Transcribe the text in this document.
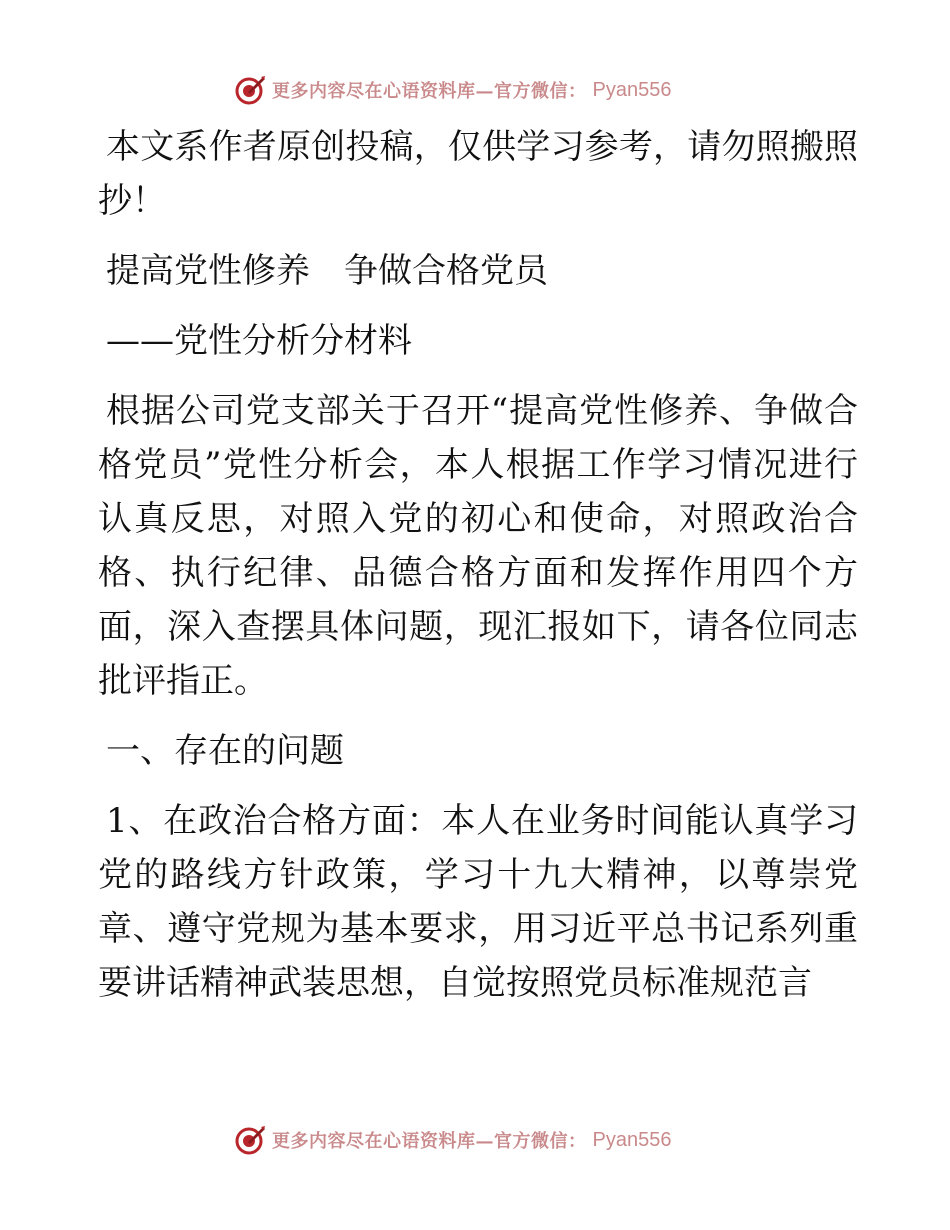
更多内容尽在心语资料库—官方微信： Pyan556

本文系作者原创投稿，仅供学习参考，请勿照搬照抄！

提高党性修养　争做合格党员

——党性分析分材料

根据公司党支部关于召开“提高党性修养、争做合格党员”党性分析会，本人根据工作学习情况进行认真反思，对照入党的初心和使命，对照政治合格、执行纪律、品德合格方面和发挥作用四个方面，深入查摆具体问题，现汇报如下，请各位同志批评指正。

一、存在的问题

1、在政治合格方面：本人在业务时间能认真学习党的路线方针政策，学习十九大精神，以尊崇党章、遵守党规为基本要求，用习近平总书记系列重要讲话精神武装思想，自觉按照党员标准规范言

更多内容尽在心语资料库—官方微信： Pyan556
